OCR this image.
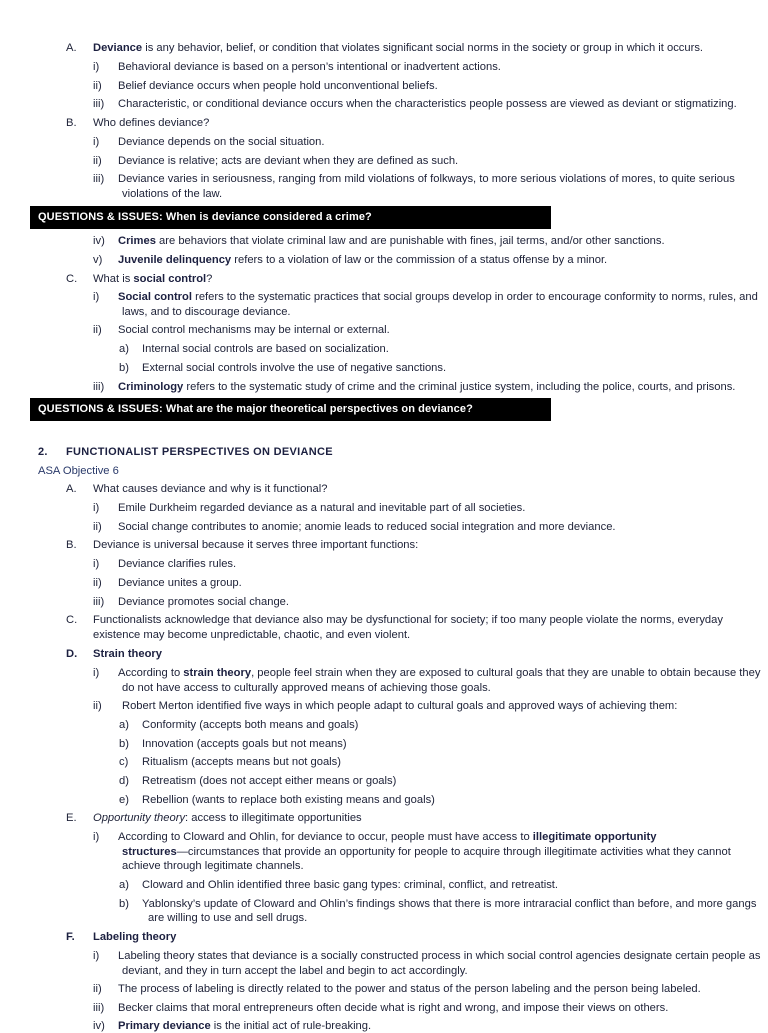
A. Deviance is any behavior, belief, or condition that violates significant social norms in the society or group in which it occurs.
i) Behavioral deviance is based on a person’s intentional or inadvertent actions.
ii) Belief deviance occurs when people hold unconventional beliefs.
iii) Characteristic, or conditional deviance occurs when the characteristics people possess are viewed as deviant or stigmatizing.
B. Who defines deviance?
i) Deviance depends on the social situation.
ii) Deviance is relative; acts are deviant when they are defined as such.
iii) Deviance varies in seriousness, ranging from mild violations of folkways, to more serious violations of mores, to quite serious
violations of the law.
QUESTIONS & ISSUES: When is deviance considered a crime?
iv) Crimes are behaviors that violate criminal law and are punishable with fines, jail terms, and/or other sanctions.
v) Juvenile delinquency refers to a violation of law or the commission of a status offense by a minor.
C. What is social control?
i) Social control refers to the systematic practices that social groups develop in order to encourage conformity to norms, rules, and
laws, and to discourage deviance.
ii) Social control mechanisms may be internal or external.
a) Internal social controls are based on socialization.
b) External social controls involve the use of negative sanctions.
iii) Criminology refers to the systematic study of crime and the criminal justice system, including the police, courts, and prisons.
QUESTIONS & ISSUES: What are the major theoretical perspectives on deviance?
2. FUNCTIONALIST PERSPECTIVES ON DEVIANCE
ASA Objective 6
A. What causes deviance and why is it functional?
i) Emile Durkheim regarded deviance as a natural and inevitable part of all societies.
ii) Social change contributes to anomie; anomie leads to reduced social integration and more deviance.
B. Deviance is universal because it serves three important functions:
i) Deviance clarifies rules.
ii) Deviance unites a group.
iii) Deviance promotes social change.
C. Functionalists acknowledge that deviance also may be dysfunctional for society; if too many people violate the norms, everyday
existence may become unpredictable, chaotic, and even violent.
D. Strain theory
i) According to strain theory, people feel strain when they are exposed to cultural goals that they are unable to obtain because they
do not have access to culturally approved means of achieving those goals.
ii) Robert Merton identified five ways in which people adapt to cultural goals and approved ways of achieving them:
a) Conformity (accepts both means and goals)
b) Innovation (accepts goals but not means)
c) Ritualism (accepts means but not goals)
d) Retreatism (does not accept either means or goals)
e) Rebellion (wants to replace both existing means and goals)
E. Opportunity theory: access to illegitimate opportunities
i) According to Cloward and Ohlin, for deviance to occur, people must have access to illegitimate opportunity
structures—circumstances that provide an opportunity for people to acquire through illegitimate activities what they cannot
achieve through legitimate channels.
a) Cloward and Ohlin identified three basic gang types: criminal, conflict, and retreatist.
b) Yablonsky’s update of Cloward and Ohlin’s findings shows that there is more intraracial conflict than before, and more gangs
are willing to use and sell drugs.
F. Labeling theory
i) Labeling theory states that deviance is a socially constructed process in which social control agencies designate certain people as
deviant, and they in turn accept the label and begin to act accordingly.
ii) The process of labeling is directly related to the power and status of the person labeling and the person being labeled.
iii) Becker claims that moral entrepreneurs often decide what is right and wrong, and impose their views on others.
iv) Primary deviance is the initial act of rule-breaking.
